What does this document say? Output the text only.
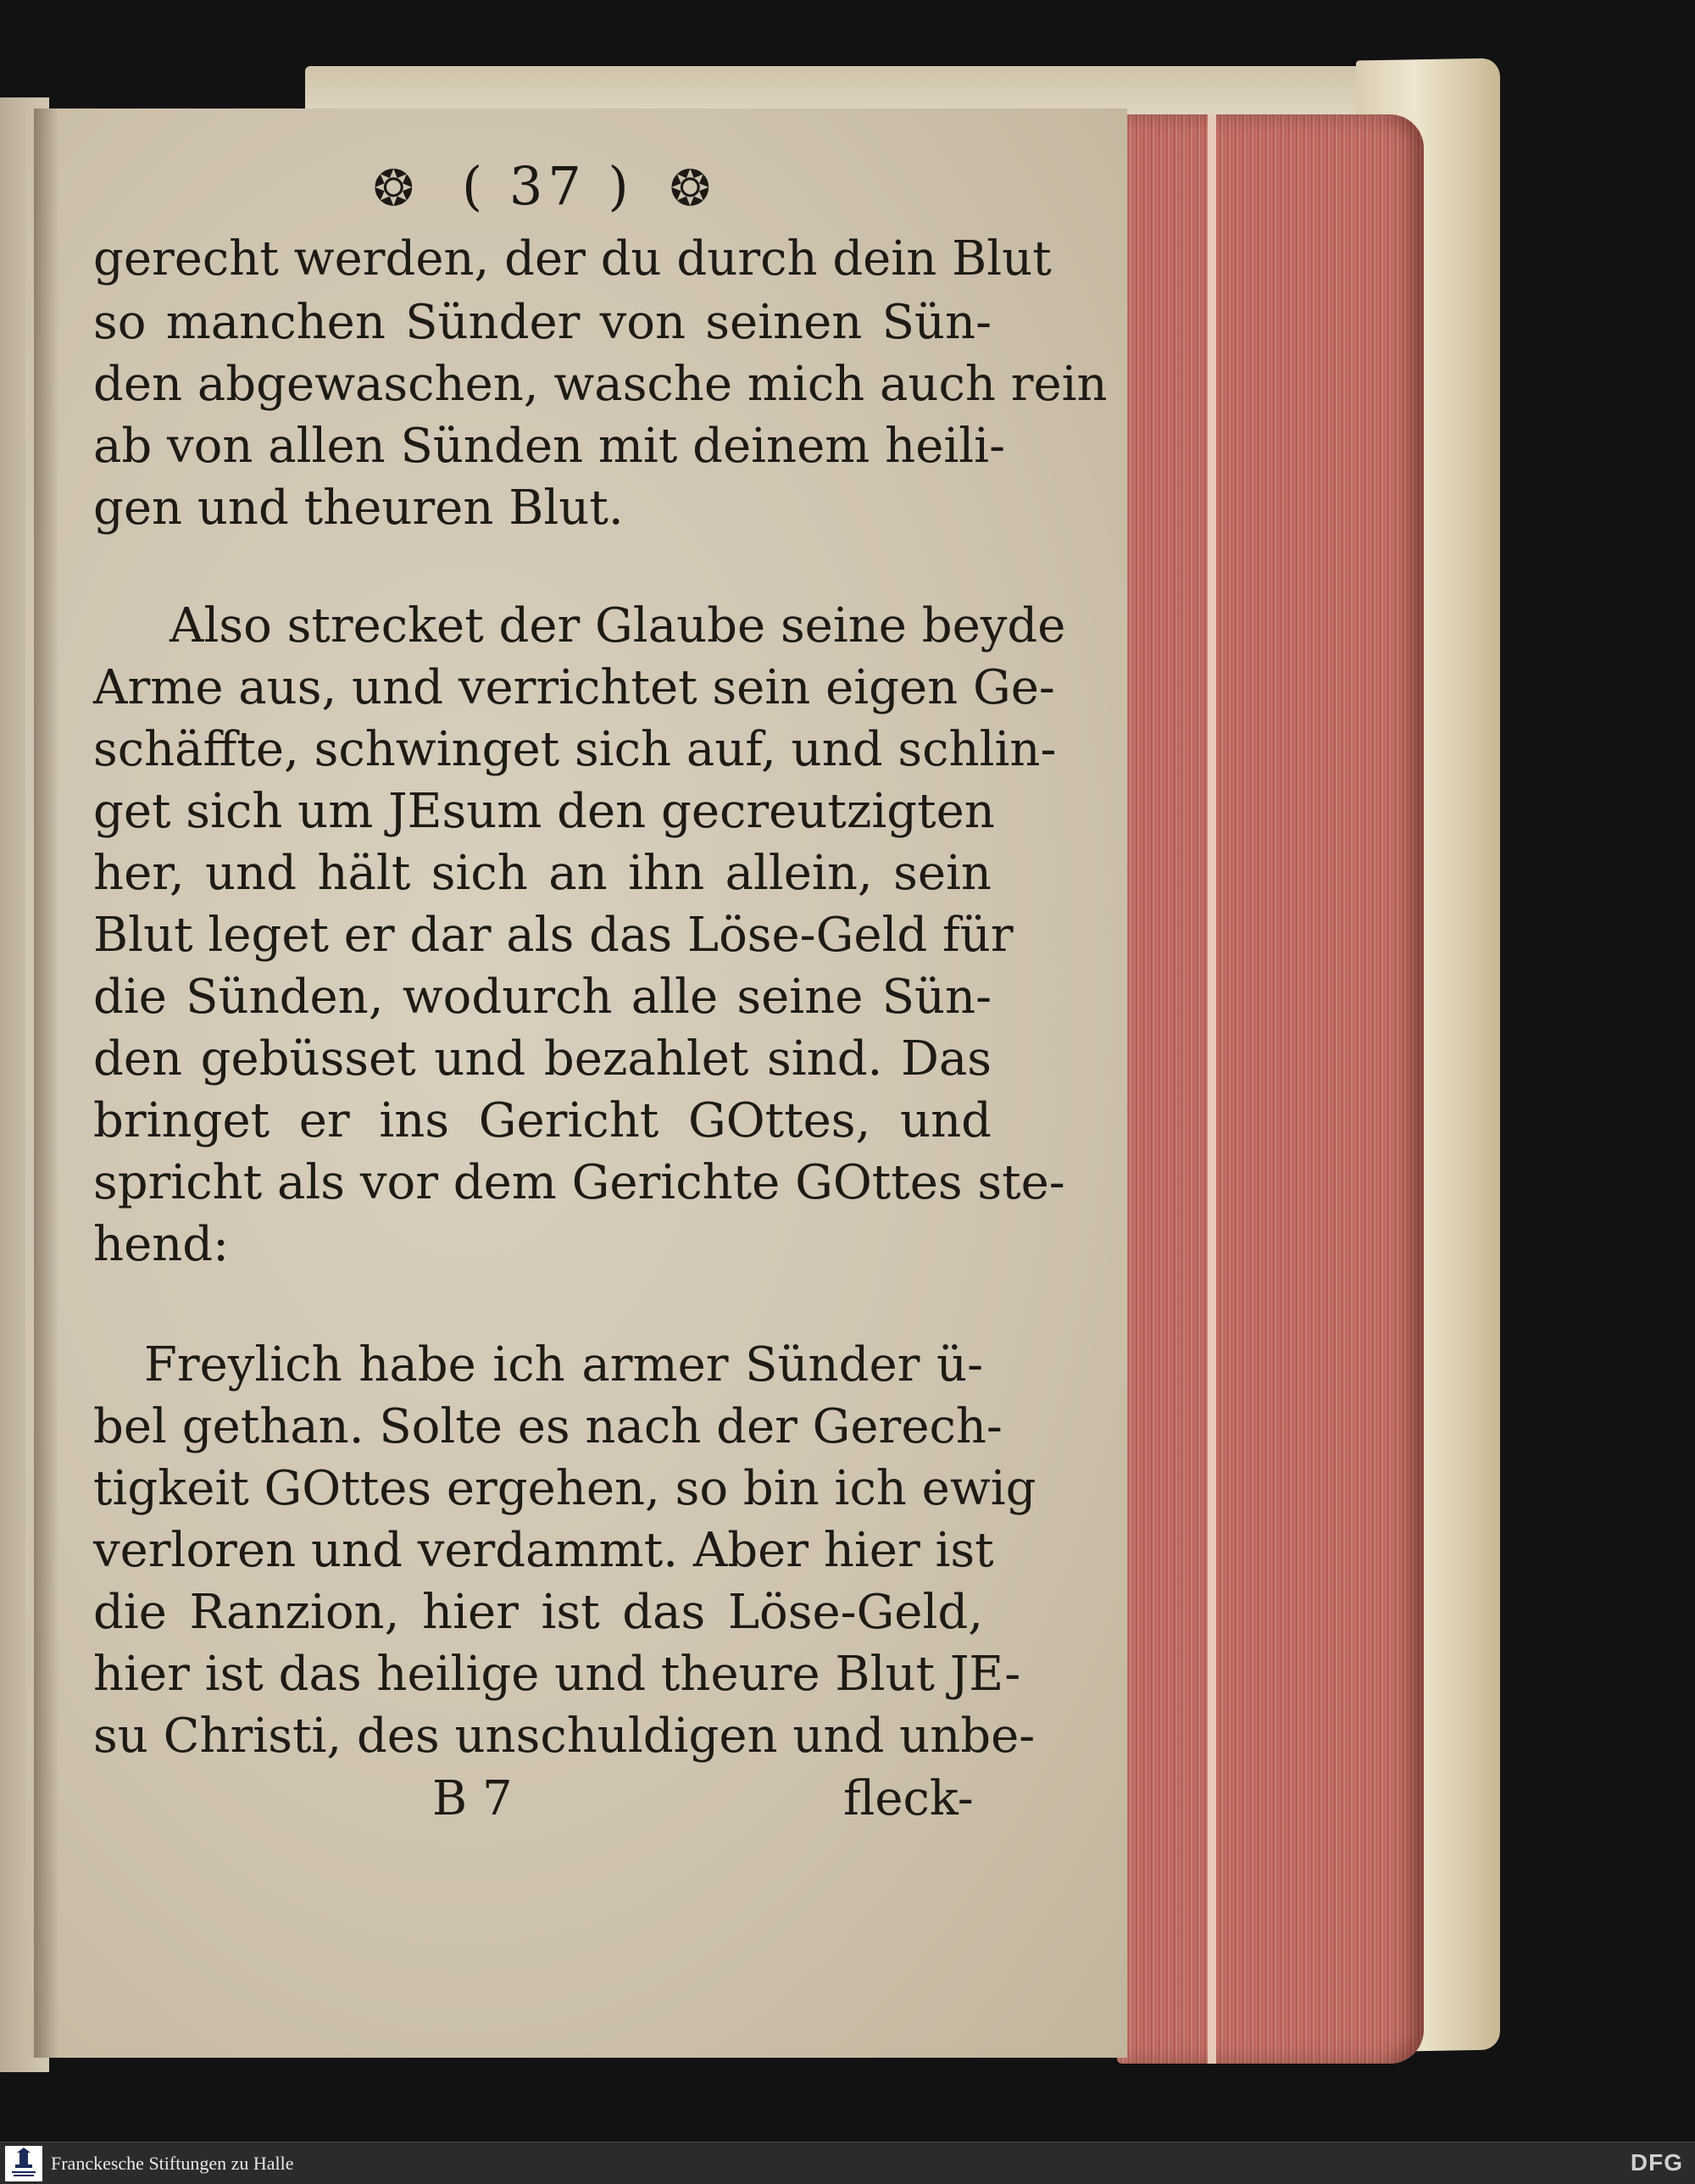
❂ ( 37 ) ❂
gerecht werden, der du durch dein Blut
so manchen Sünder von seinen Sün-
den abgewaschen, wasche mich auch rein
ab von allen Sünden mit deinem heili-
gen und theuren Blut.
Also strecket der Glaube seine beyde
Arme aus, und verrichtet sein eigen Ge-
schäffte, schwinget sich auf, und schlin-
get sich um JEsum den gecreutzigten
her, und hält sich an ihn allein, sein
Blut leget er dar als das Löse-Geld für
die Sünden, wodurch alle seine Sün-
den gebüsset und bezahlet sind. Das
bringet er ins Gericht GOttes, und
spricht als vor dem Gerichte GOttes ste-
hend:
Freylich habe ich armer Sünder ü-
bel gethan. Solte es nach der Gerech-
tigkeit GOttes ergehen, so bin ich ewig
verloren und verdammt. Aber hier ist
die Ranzion, hier ist das Löse-Geld,
hier ist das heilige und theure Blut JE-
su Christi, des unschuldigen und unbe-
B 7	fleck-
Franckesche Stiftungen zu Halle	DFG
